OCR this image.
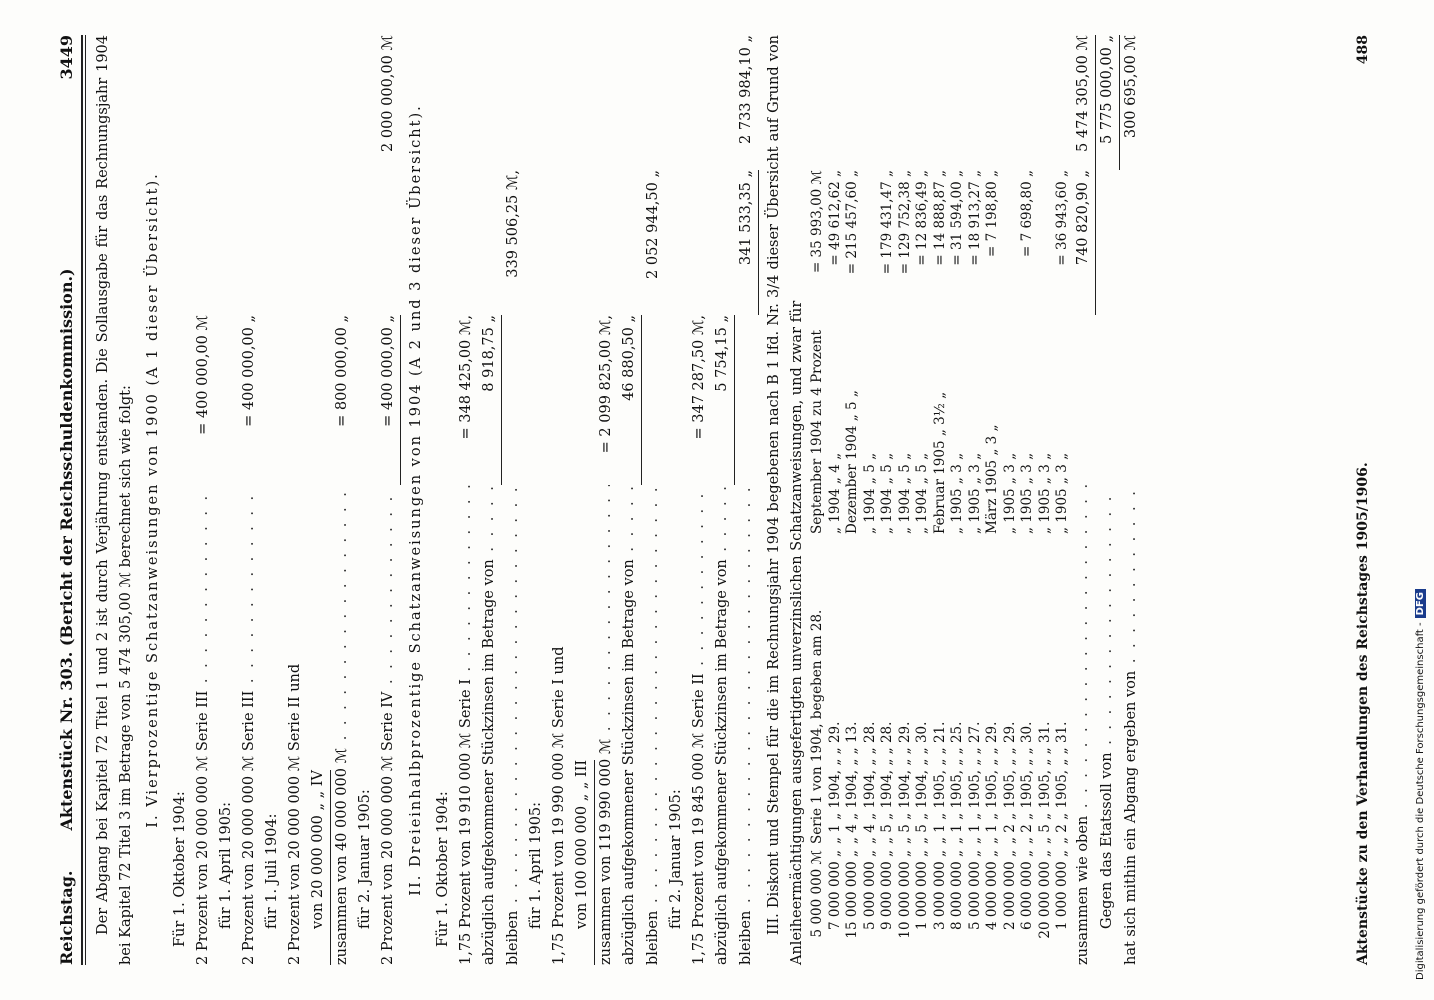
Reichstag.
Aktenstück Nr. 303. (Bericht der Reichsschuldenkommission.)
3449 Der Abgang bei Kapitel 72 Titel 1 und 2 ist durch Verjährung entstanden. Die Sollausgabe für das Rechnungsjahr 1904 bei Kapitel 72 Titel 3 im Betrage von 5 474 305,00 ℳ berechnet sich wie folgt: I. Vierprozentige Schatzanweisungen von 1900 (A 1 dieser Übersicht).
Für 1. Oktober 1904: 2 Prozent von 20 000 000 ℳ Serie III . . .
= 400 000,00 ℳ
für 1. April 1905: 2 Prozent von 20 000 000 ℳ Serie III . . .
= 400 000,00 „
für 1. Juli 1904: 2 Prozent von 20 000 000 ℳ Serie II und von 20 000 000 „ „ IV zusammen von 40 000 000 ℳ . . .
= 800 000,00 „
für 2. Januar 1905: 2 Prozent von 20 000 000 ℳ Serie IV . . .
= 400 000,00 „
2 000 000,00 ℳ
II. Dreieinhalbprozentige Schatzanweisungen von 1904 (A 2 und 3 dieser Übersicht). Für 1. Oktober 1904: 1,75 Prozent von 19 910 000 ℳ Serie I . . .
= 348 425,00 ℳ,
abzüglich aufgekommener Stückzinsen im Betrage von . . .
8 918,75 „
bleiben . . .
339 506,25 ℳ,
für 1. April 1905: 1,75 Prozent von 19 990 000 ℳ Serie I und von 100 000 000 „ „ III zusammen von 119 990 000 ℳ . . .
= 2 099 825,00 ℳ,
abzüglich aufgekommener Stückzinsen im Betrage von . . .
46 880,50 „
bleiben . . .
2 052 944,50 „
für 2. Januar 1905: 1,75 Prozent von 19 845 000 ℳ Serie II . . .
= 347 287,50 ℳ,
abzüglich aufgekommener Stückzinsen im Betrage von . . .
5 754,15 „
bleiben . . .
341 533,35 „
2 733 984,10 „
III. Diskont und Stempel für die im Rechnungsjahr 1904 begebenen nach B 1 lfd. Nr. 3/4 dieser Übersicht auf Grund von Anleiheermächtigungen ausgefertigten unverzinslichen Schatzanweisungen, und zwar für 5 000 000 ℳ
Serie 1 von 1904, begeben am 28.
September 1904 zu 4 Prozent
= 35 993,00 ℳ
7 000 000 „
„ 1 „ 1904, „ „ 29.
„ 1904 „ 4 „
= 49 612,62 „
15 000 000 „
„ 4 „ 1904, „ „ 13.
Dezember 1904 „ 5 „
= 215 457,60 „
5 000 000 „
„ 4 „ 1904, „ „ 28.
„ 1904 „ 5 „
9 000 000 „
„ 5 „ 1904, „ „ 28.
„ 1904 „ 5 „
= 179 431,47 „
10 000 000 „
„ 5 „ 1904, „ „ 29.
„ 1904 „ 5 „
= 129 752,38 „
1 000 000 „
„ 5 „ 1904, „ „ 30.
„ 1904 „ 5 „
= 12 836,49 „
3 000 000 „
„ 1 „ 1905, „ „ 21.
Februar 1905 „ 3½ „
= 14 888,87 „
8 000 000 „
„ 1 „ 1905, „ „ 25.
„ 1905 „ 3 „
= 31 594,00 „
5 000 000 „
„ 1 „ 1905, „ „ 27.
„ 1905 „ 3 „
= 18 913,27 „
4 000 000 „
„ 1 „ 1905, „ „ 29.
März 1905 „ 3 „
= 7 198,80 „
2 000 000 „
„ 2 „ 1905, „ „ 29.
„ 1905 „ 3 „
6 000 000 „
„ 2 „ 1905, „ „ 30.
„ 1905 „ 3 „
= 7 698,80 „
20 000 000 „
„ 5 „ 1905, „ „ 31.
„ 1905 „ 3 „
1 000 000 „
„ 2 „ 1905, „ „ 31.
„ 1905 „ 3 „
= 36 943,60 „
zusammen wie oben . . .
740 820,90 „
5 474 305,00 ℳ
Gegen das Etatssoll von . . .
5 775 000,00 „
hat sich mithin ein Abgang ergeben von . . .
300 695,00 ℳ
Aktenstücke zu den Verhandlungen des Reichstages 1905/1906.
488
Digitalisierung gefördert durch die Deutsche Forschungsgemeinschaft -DFG
